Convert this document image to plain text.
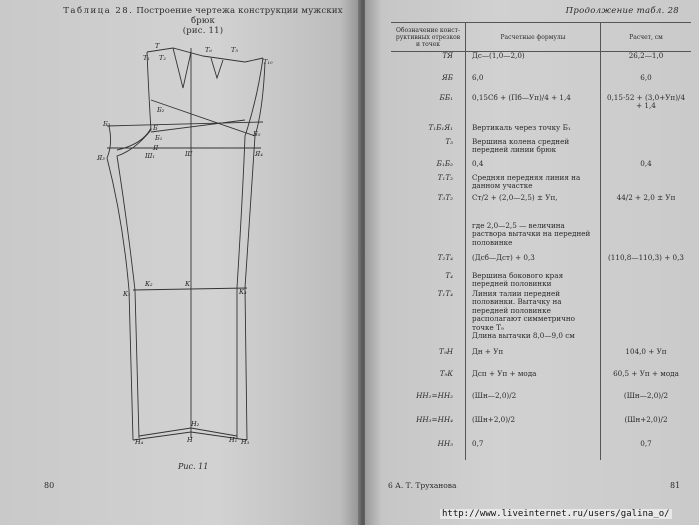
Таблица 28. Построение чертежа конструкции мужских брюк
(рис. 11)
Т
Т₁ Т₂
Т₅
Т₆
Т₁₀
Б₂
Б₅
Б₃	Б
Б₁
Я
Ш
Ш₁
Я₃	Я₄
К
К₁
К₂
К₃
Н	Н₁ Н₃
Н₄
Н₂
Рис. 11
80
Продолжение табл. 28
Обозначение конст-руктивных отрезков и точек	Расчетные формулы	Расчет, см
ТЯ	Дс—(1,0—2,0)	26,2—1,0
ЯБ	6,0	6,0
ББ₁	0,15Сб + (Пб—Уп)/4 + 1,4	0,15·52 + (3,0+Уп)/4 + 1,4
Т₁Б₁Я₁	Вертикаль через точку Б₁	
Т₃	Вершина колена средней передней линии брюк	
Б₁Б₂	0,4	0,4
Т₁Т₂	Средняя передняя линия на данном участке	
Т₃Т₂	Ст/2 + (2,0—2,5) ± Уп,	44/2 + 2,0 ± Уп
	где 2,0—2,5 — величина раствора вытачки на передней половинке	
Т₂Т₄	(Дсб—Дст) + 0,3	(110,8—110,3) + 0,3
Т₄	Вершина бокового края передней половинки	
Т₁Т₄	Линия талии передней половинки. Вытачку на передней половинке располагают симметрично точке Т₉	
	Длина вытачки 8,0—9,0 см	
Т₉Н	Дн + Уп	104,0 + Уп
Т₉К	Дсп + Уп + мода	60,5 + Уп + мода
НН₁=НН₂	(Шн—2,0)/2	(Шн—2,0)/2
НН₃=НН₄	(Шн+2,0)/2	(Шн+2,0)/2
НН₅	0,7	0,7
6 А. Т. Труханова	81
http://www.liveinternet.ru/users/galina_o/
